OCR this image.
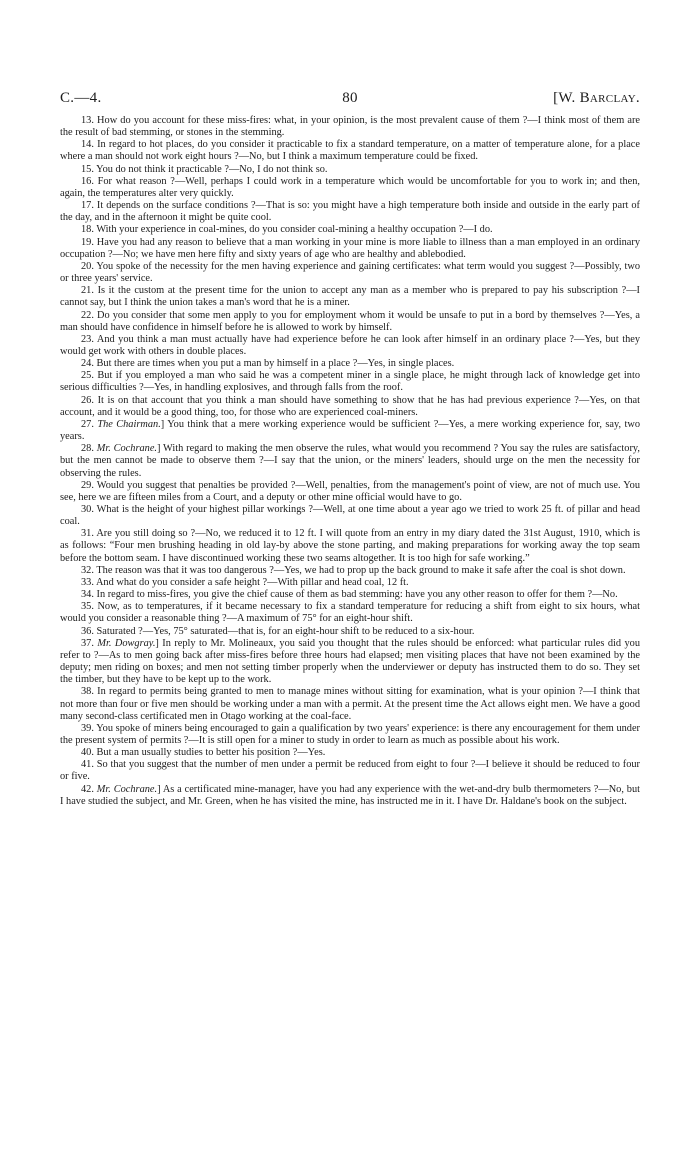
C.—4.	80	[W. Barclay.

13. How do you account for these miss-fires: what, in your opinion, is the most prevalent cause of them ?—I think most of them are the result of bad stemming, or stones in the stemming.

14. In regard to hot places, do you consider it practicable to fix a standard temperature, on a matter of temperature alone, for a place where a man should not work eight hours ?—No, but I think a maximum temperature could be fixed.

15. You do not think it practicable ?—No, I do not think so.

16. For what reason ?—Well, perhaps I could work in a temperature which would be uncomfortable for you to work in; and then, again, the temperatures alter very quickly.

17. It depends on the surface conditions ?—That is so: you might have a high temperature both inside and outside in the early part of the day, and in the afternoon it might be quite cool.

18. With your experience in coal-mines, do you consider coal-mining a healthy occupation ?—I do.

19. Have you had any reason to believe that a man working in your mine is more liable to illness than a man employed in an ordinary occupation ?—No; we have men here fifty and sixty years of age who are healthy and ablebodied.

20. You spoke of the necessity for the men having experience and gaining certificates: what term would you suggest ?—Possibly, two or three years' service.

21. Is it the custom at the present time for the union to accept any man as a member who is prepared to pay his subscription ?—I cannot say, but I think the union takes a man's word that he is a miner.

22. Do you consider that some men apply to you for employment whom it would be unsafe to put in a bord by themselves ?—Yes, a man should have confidence in himself before he is allowed to work by himself.

23. And you think a man must actually have had experience before he can look after himself in an ordinary place ?—Yes, but they would get work with others in double places.

24. But there are times when you put a man by himself in a place ?—Yes, in single places.

25. But if you employed a man who said he was a competent miner in a single place, he might through lack of knowledge get into serious difficulties ?—Yes, in handling explosives, and through falls from the roof.

26. It is on that account that you think a man should have something to show that he has had previous experience ?—Yes, on that account, and it would be a good thing, too, for those who are experienced coal-miners.

27. The Chairman.] You think that a mere working experience would be sufficient ?—Yes, a mere working experience for, say, two years.

28. Mr. Cochrane.] With regard to making the men observe the rules, what would you recommend ? You say the rules are satisfactory, but the men cannot be made to observe them ?—I say that the union, or the miners' leaders, should urge on the men the necessity for observing the rules.

29. Would you suggest that penalties be provided ?—Well, penalties, from the management's point of view, are not of much use. You see, here we are fifteen miles from a Court, and a deputy or other mine official would have to go.

30. What is the height of your highest pillar workings ?—Well, at one time about a year ago we tried to work 25 ft. of pillar and head coal.

31. Are you still doing so ?—No, we reduced it to 12 ft. I will quote from an entry in my diary dated the 31st August, 1910, which is as follows: “Four men brushing heading in old lay-by above the stone parting, and making preparations for working away the top seam before the bottom seam. I have discontinued working these two seams altogether. It is too high for safe working.”

32. The reason was that it was too dangerous ?—Yes, we had to prop up the back ground to make it safe after the coal is shot down.

33. And what do you consider a safe height ?—With pillar and head coal, 12 ft.

34. In regard to miss-fires, you give the chief cause of them as bad stemming: have you any other reason to offer for them ?—No.

35. Now, as to temperatures, if it became necessary to fix a standard temperature for reducing a shift from eight to six hours, what would you consider a reasonable thing ?—A maximum of 75° for an eight-hour shift.

36. Saturated ?—Yes, 75° saturated—that is, for an eight-hour shift to be reduced to a six-hour.

37. Mr. Dowgray.] In reply to Mr. Molineaux, you said you thought that the rules should be enforced: what particular rules did you refer to ?—As to men going back after miss-fires before three hours had elapsed; men visiting places that have not been examined by the deputy; men riding on boxes; and men not setting timber properly when the underviewer or deputy has instructed them to do so. They set the timber, but they have to be kept up to the work.

38. In regard to permits being granted to men to manage mines without sitting for examination, what is your opinion ?—I think that not more than four or five men should be working under a man with a permit. At the present time the Act allows eight men. We have a good many second-class certificated men in Otago working at the coal-face.

39. You spoke of miners being encouraged to gain a qualification by two years' experience: is there any encouragement for them under the present system of permits ?—It is still open for a miner to study in order to learn as much as possible about his work.

40. But a man usually studies to better his position ?—Yes.

41. So that you suggest that the number of men under a permit be reduced from eight to four ?—I believe it should be reduced to four or five.

42. Mr. Cochrane.] As a certificated mine-manager, have you had any experience with the wet-and-dry bulb thermometers ?—No, but I have studied the subject, and Mr. Green, when he has visited the mine, has instructed me in it. I have Dr. Haldane's book on the subject.
